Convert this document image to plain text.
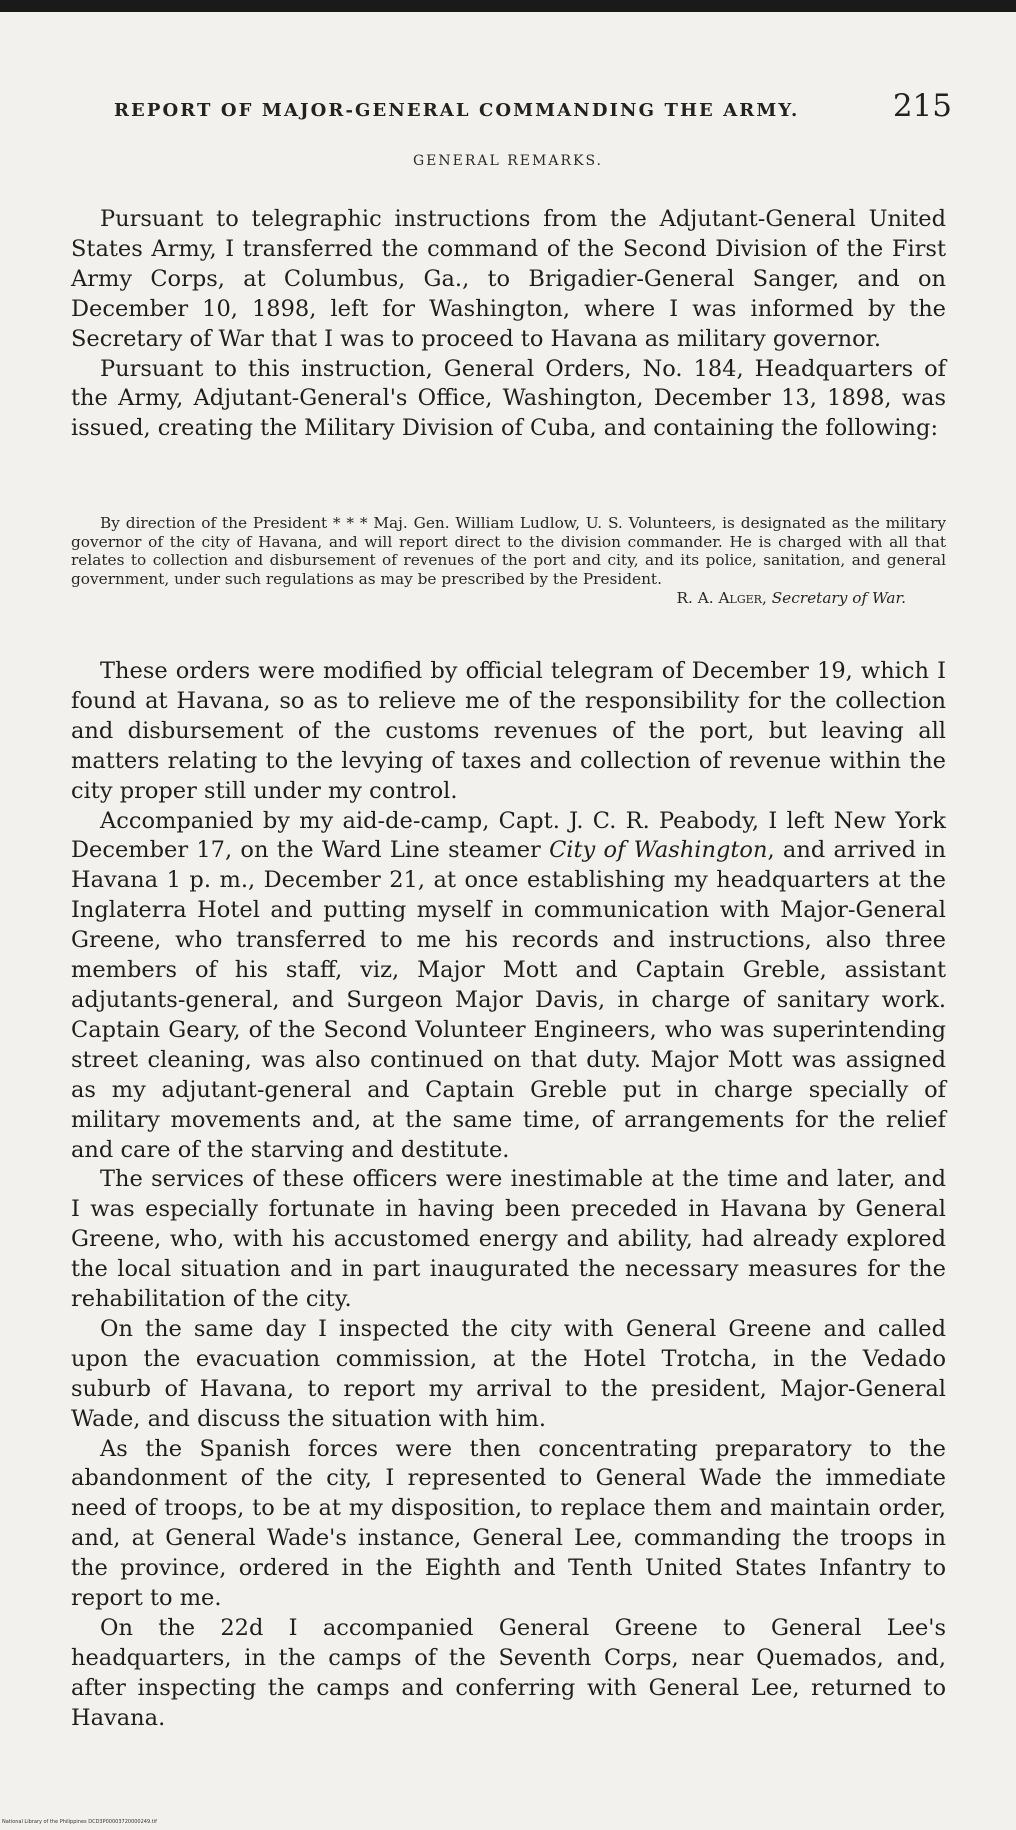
REPORT OF MAJOR-GENERAL COMMANDING THE ARMY.	215
GENERAL REMARKS.

Pursuant to telegraphic instructions from the Adjutant-General United States Army, I transferred the command of the Second Division of the First Army Corps, at Columbus, Ga., to Brigadier-General Sanger, and on December 10, 1898, left for Washington, where I was informed by the Secretary of War that I was to proceed to Havana as military governor.

Pursuant to this instruction, General Orders, No. 184, Headquarters of the Army, Adjutant-General's Office, Washington, December 13, 1898, was issued, creating the Military Division of Cuba, and containing the following:

By direction of the President * * * Maj. Gen. William Ludlow, U. S. Volunteers, is designated as the military governor of the city of Havana, and will report direct to the division commander. He is charged with all that relates to collection and disbursement of revenues of the port and city, and its police, sanitation, and general government, under such regulations as may be prescribed by the President.

R. A. Alger, Secretary of War.

These orders were modified by official telegram of December 19, which I found at Havana, so as to relieve me of the responsibility for the collection and disbursement of the customs revenues of the port, but leaving all matters relating to the levying of taxes and collection of revenue within the city proper still under my control.

Accompanied by my aid-de-camp, Capt. J. C. R. Peabody, I left New York December 17, on the Ward Line steamer City of Washington, and arrived in Havana 1 p. m., December 21, at once establishing my headquarters at the Inglaterra Hotel and putting myself in communication with Major-General Greene, who transferred to me his records and instructions, also three members of his staff, viz, Major Mott and Captain Greble, assistant adjutants-general, and Surgeon Major Davis, in charge of sanitary work. Captain Geary, of the Second Volunteer Engineers, who was superintending street cleaning, was also continued on that duty. Major Mott was assigned as my adjutant-general and Captain Greble put in charge specially of military movements and, at the same time, of arrangements for the relief and care of the starving and destitute.

The services of these officers were inestimable at the time and later, and I was especially fortunate in having been preceded in Havana by General Greene, who, with his accustomed energy and ability, had already explored the local situation and in part inaugurated the necessary measures for the rehabilitation of the city.

On the same day I inspected the city with General Greene and called upon the evacuation commission, at the Hotel Trotcha, in the Vedado suburb of Havana, to report my arrival to the president, Major-General Wade, and discuss the situation with him.

As the Spanish forces were then concentrating preparatory to the abandonment of the city, I represented to General Wade the immediate need of troops, to be at my disposition, to replace them and maintain order, and, at General Wade's instance, General Lee, commanding the troops in the province, ordered in the Eighth and Tenth United States Infantry to report to me.

On the 22d I accompanied General Greene to General Lee's headquarters, in the camps of the Seventh Corps, near Quemados, and, after inspecting the camps and conferring with General Lee, returned to Havana.

National Library of the Philippines DCD3P00003720000249.tif
